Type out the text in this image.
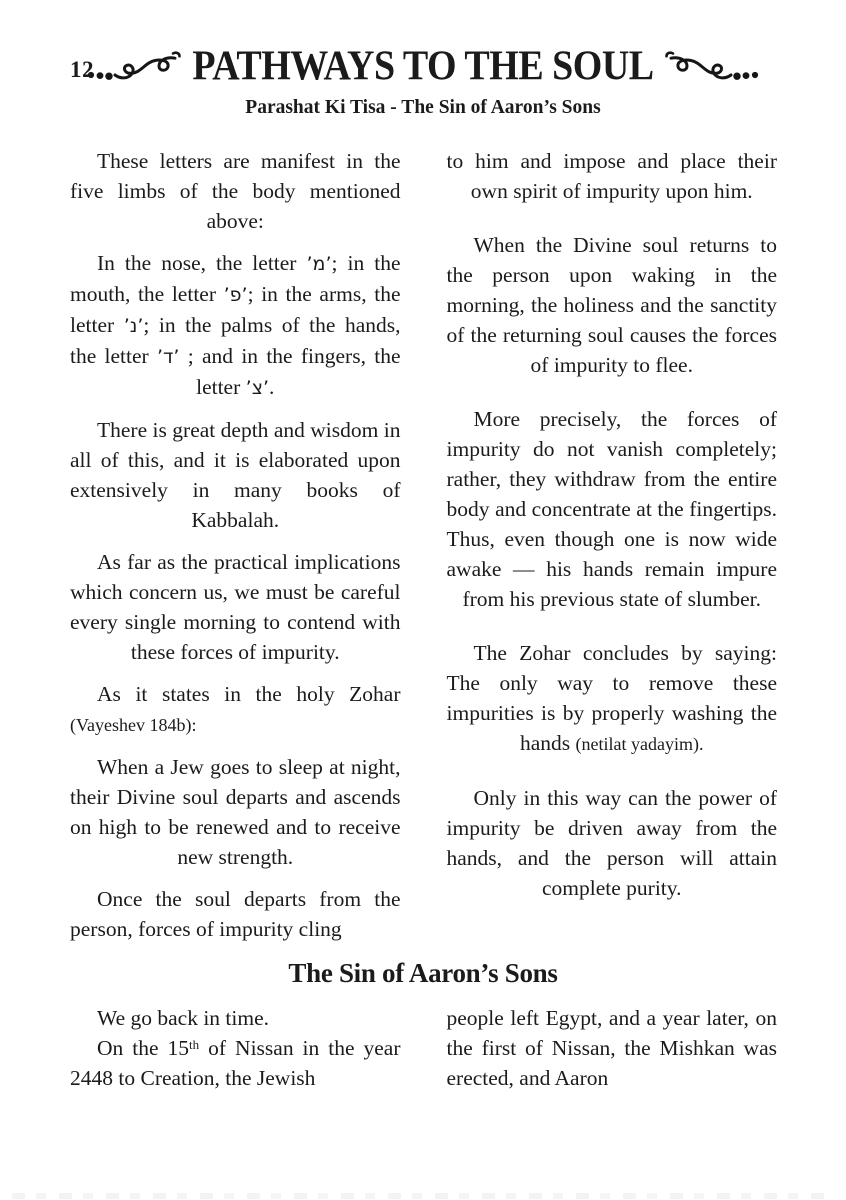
12	PATHWAYS TO THE SOUL
Parashat Ki Tisa - The Sin of Aaron’s Sons

These letters are manifest in the five limbs of the body mentioned above:

In the nose, the letter ’מ’; in the mouth, the letter ’פ’; in the arms, the letter ’נ’; in the palms of the hands, the letter ’ד’ ; and in the fingers, the letter ’צ’.

There is great depth and wisdom in all of this, and it is elaborated upon extensively in many books of Kabbalah.

As far as the practical implications which concern us, we must be careful every single morning to contend with these forces of impurity.

As it states in the holy Zohar (Vayeshev 184b):

When a Jew goes to sleep at night, their Divine soul departs and ascends on high to be renewed and to receive new strength.

Once the soul departs from the person, forces of impurity cling

to him and impose and place their own spirit of impurity upon him.

When the Divine soul returns to the person upon waking in the morning, the holiness and the sanctity of the returning soul causes the forces of impurity to flee.

More precisely, the forces of impurity do not vanish completely; rather, they withdraw from the entire body and concentrate at the fingertips. Thus, even though one is now wide awake — his hands remain impure from his previous state of slumber.

The Zohar concludes by saying: The only way to remove these impurities is by properly washing the hands (netilat yadayim).

Only in this way can the power of impurity be driven away from the hands, and the person will attain complete purity.

The Sin of Aaron’s Sons

We go back in time.

On the 15th of Nissan in the year 2448 to Creation, the Jewish

people left Egypt, and a year later, on the first of Nissan, the Mishkan was erected, and Aaron
